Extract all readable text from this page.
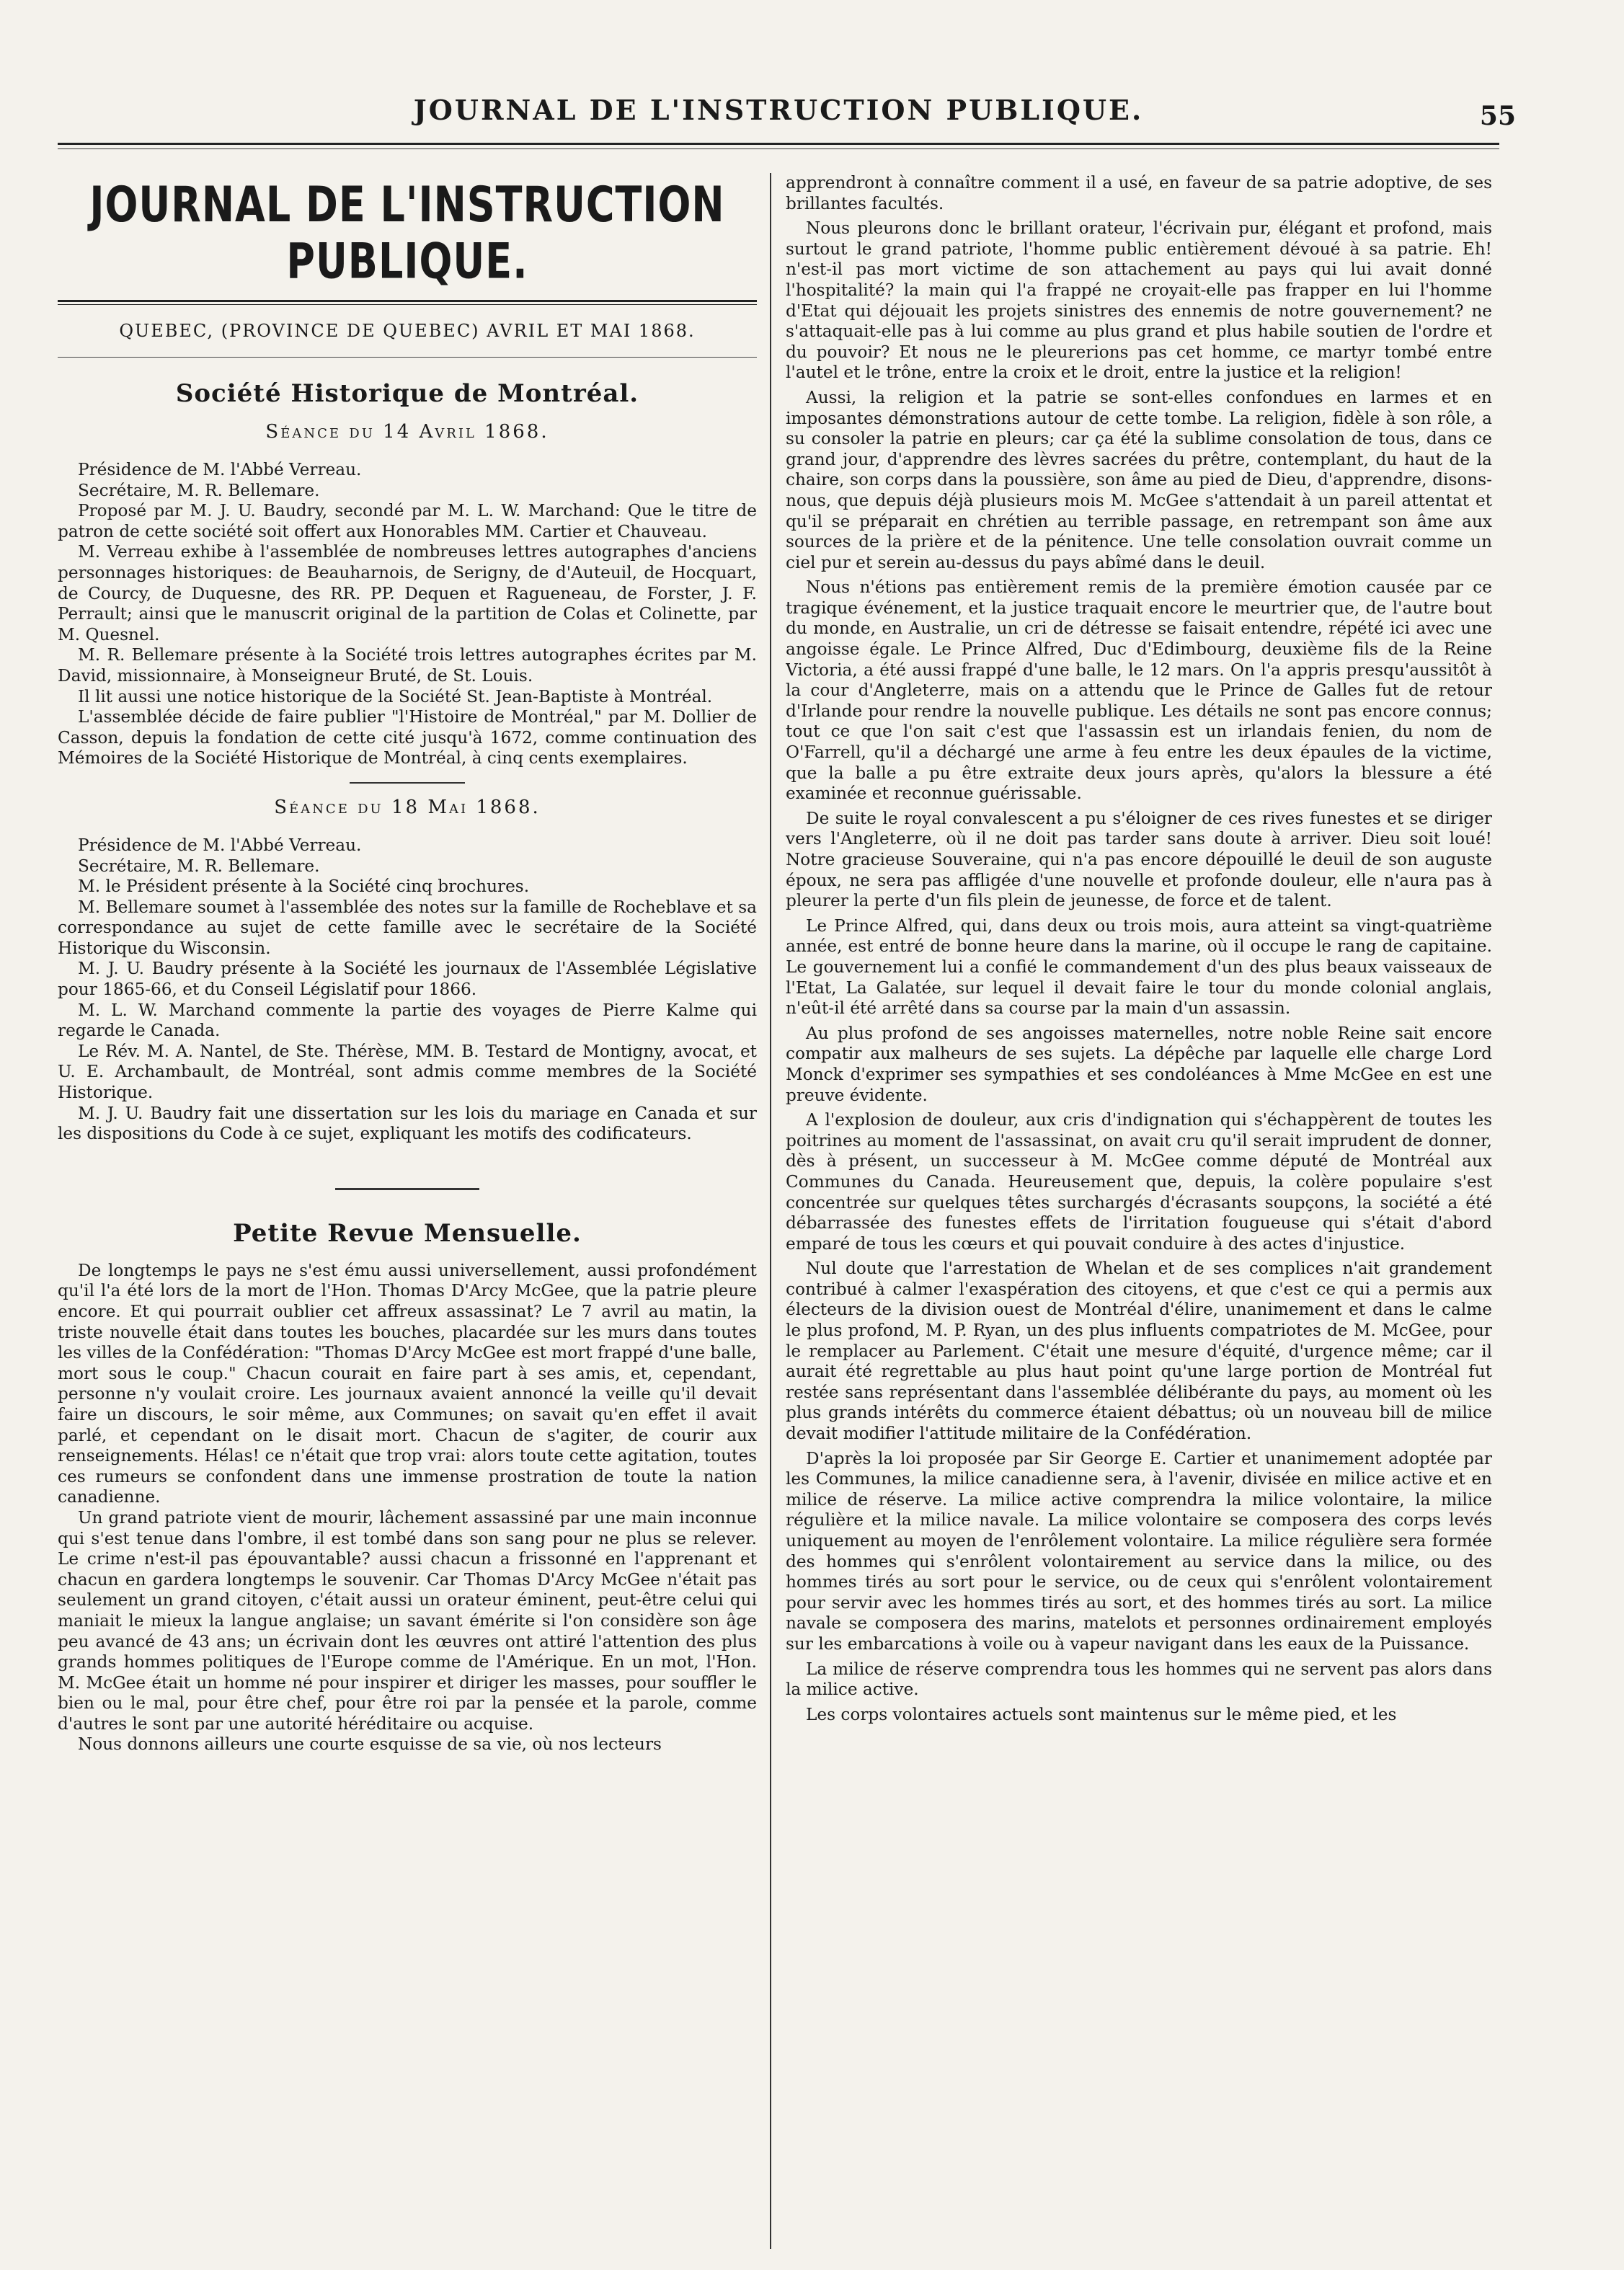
JOURNAL DE L'INSTRUCTION PUBLIQUE.	55
JOURNAL DE L'INSTRUCTION PUBLIQUE.
QUEBEC, (PROVINCE DE QUEBEC) AVRIL ET MAI 1868.
Société Historique de Montréal.
Séance du 14 Avril 1868.

Présidence de M. l'Abbé Verreau.

Secrétaire, M. R. Bellemare.

Proposé par M. J. U. Baudry, secondé par M. L. W. Marchand: Que le titre de patron de cette société soit offert aux Honorables MM. Cartier et Chauveau.

M. Verreau exhibe à l'assemblée de nombreuses lettres autographes d'anciens personnages historiques: de Beauharnois, de Serigny, de d'Auteuil, de Hocquart, de Courcy, de Duquesne, des RR. PP. Dequen et Ragueneau, de Forster, J. F. Perrault; ainsi que le manuscrit original de la partition de Colas et Colinette, par M. Quesnel.

M. R. Bellemare présente à la Société trois lettres autographes écrites par M. David, missionnaire, à Monseigneur Bruté, de St. Louis.

Il lit aussi une notice historique de la Société St. Jean-Baptiste à Montréal.

L'assemblée décide de faire publier "l'Histoire de Montréal," par M. Dollier de Casson, depuis la fondation de cette cité jusqu'à 1672, comme continuation des Mémoires de la Société Historique de Montréal, à cinq cents exemplaires.

Séance du 18 Mai 1868.

Présidence de M. l'Abbé Verreau.

Secrétaire, M. R. Bellemare.

M. le Président présente à la Société cinq brochures.

M. Bellemare soumet à l'assemblée des notes sur la famille de Rocheblave et sa correspondance au sujet de cette famille avec le secrétaire de la Société Historique du Wisconsin.

M. J. U. Baudry présente à la Société les journaux de l'Assemblée Législative pour 1865-66, et du Conseil Législatif pour 1866.

M. L. W. Marchand commente la partie des voyages de Pierre Kalme qui regarde le Canada.

Le Rév. M. A. Nantel, de Ste. Thérèse, MM. B. Testard de Montigny, avocat, et U. E. Archambault, de Montréal, sont admis comme membres de la Société Historique.

M. J. U. Baudry fait une dissertation sur les lois du mariage en Canada et sur les dispositions du Code à ce sujet, expliquant les motifs des codificateurs.

Petite Revue Mensuelle.

De longtemps le pays ne s'est ému aussi universellement, aussi profondément qu'il l'a été lors de la mort de l'Hon. Thomas D'Arcy McGee, que la patrie pleure encore. Et qui pourrait oublier cet affreux assassinat? Le 7 avril au matin, la triste nouvelle était dans toutes les bouches, placardée sur les murs dans toutes les villes de la Confédération: "Thomas D'Arcy McGee est mort frappé d'une balle, mort sous le coup." Chacun courait en faire part à ses amis, et, cependant, personne n'y voulait croire. Les journaux avaient annoncé la veille qu'il devait faire un discours, le soir même, aux Communes; on savait qu'en effet il avait parlé, et cependant on le disait mort. Chacun de s'agiter, de courir aux renseignements. Hélas! ce n'était que trop vrai: alors toute cette agitation, toutes ces rumeurs se confondent dans une immense prostration de toute la nation canadienne.

Un grand patriote vient de mourir, lâchement assassiné par une main inconnue qui s'est tenue dans l'ombre, il est tombé dans son sang pour ne plus se relever. Le crime n'est-il pas épouvantable? aussi chacun a frissonné en l'apprenant et chacun en gardera longtemps le souvenir. Car Thomas D'Arcy McGee n'était pas seulement un grand citoyen, c'était aussi un orateur éminent, peut-être celui qui maniait le mieux la langue anglaise; un savant émérite si l'on considère son âge peu avancé de 43 ans; un écrivain dont les œuvres ont attiré l'attention des plus grands hommes politiques de l'Europe comme de l'Amérique. En un mot, l'Hon. M. McGee était un homme né pour inspirer et diriger les masses, pour souffler le bien ou le mal, pour être chef, pour être roi par la pensée et la parole, comme d'autres le sont par une autorité héréditaire ou acquise.

Nous donnons ailleurs une courte esquisse de sa vie, où nos lecteurs

apprendront à connaître comment il a usé, en faveur de sa patrie adoptive, de ses brillantes facultés.

Nous pleurons donc le brillant orateur, l'écrivain pur, élégant et profond, mais surtout le grand patriote, l'homme public entièrement dévoué à sa patrie. Eh! n'est-il pas mort victime de son attachement au pays qui lui avait donné l'hospitalité? la main qui l'a frappé ne croyait-elle pas frapper en lui l'homme d'Etat qui déjouait les projets sinistres des ennemis de notre gouvernement? ne s'attaquait-elle pas à lui comme au plus grand et plus habile soutien de l'ordre et du pouvoir? Et nous ne le pleurerions pas cet homme, ce martyr tombé entre l'autel et le trône, entre la croix et le droit, entre la justice et la religion!

Aussi, la religion et la patrie se sont-elles confondues en larmes et en imposantes démonstrations autour de cette tombe. La religion, fidèle à son rôle, a su consoler la patrie en pleurs; car ça été la sublime consolation de tous, dans ce grand jour, d'apprendre des lèvres sacrées du prêtre, contemplant, du haut de la chaire, son corps dans la poussière, son âme au pied de Dieu, d'apprendre, disons-nous, que depuis déjà plusieurs mois M. McGee s'attendait à un pareil attentat et qu'il se préparait en chrétien au terrible passage, en retrempant son âme aux sources de la prière et de la pénitence. Une telle consolation ouvrait comme un ciel pur et serein au-dessus du pays abîmé dans le deuil.

Nous n'étions pas entièrement remis de la première émotion causée par ce tragique événement, et la justice traquait encore le meurtrier que, de l'autre bout du monde, en Australie, un cri de détresse se faisait entendre, répété ici avec une angoisse égale. Le Prince Alfred, Duc d'Edimbourg, deuxième fils de la Reine Victoria, a été aussi frappé d'une balle, le 12 mars. On l'a appris presqu'aussitôt à la cour d'Angleterre, mais on a attendu que le Prince de Galles fut de retour d'Irlande pour rendre la nouvelle publique. Les détails ne sont pas encore connus; tout ce que l'on sait c'est que l'assassin est un irlandais fenien, du nom de O'Farrell, qu'il a déchargé une arme à feu entre les deux épaules de la victime, que la balle a pu être extraite deux jours après, qu'alors la blessure a été examinée et reconnue guérissable.

De suite le royal convalescent a pu s'éloigner de ces rives funestes et se diriger vers l'Angleterre, où il ne doit pas tarder sans doute à arriver. Dieu soit loué! Notre gracieuse Souveraine, qui n'a pas encore dépouillé le deuil de son auguste époux, ne sera pas affligée d'une nouvelle et profonde douleur, elle n'aura pas à pleurer la perte d'un fils plein de jeunesse, de force et de talent.

Le Prince Alfred, qui, dans deux ou trois mois, aura atteint sa vingt-quatrième année, est entré de bonne heure dans la marine, où il occupe le rang de capitaine. Le gouvernement lui a confié le commandement d'un des plus beaux vaisseaux de l'Etat, La Galatée, sur lequel il devait faire le tour du monde colonial anglais, n'eût-il été arrêté dans sa course par la main d'un assassin.

Au plus profond de ses angoisses maternelles, notre noble Reine sait encore compatir aux malheurs de ses sujets. La dépêche par laquelle elle charge Lord Monck d'exprimer ses sympathies et ses condoléances à Mme McGee en est une preuve évidente.

A l'explosion de douleur, aux cris d'indignation qui s'échappèrent de toutes les poitrines au moment de l'assassinat, on avait cru qu'il serait imprudent de donner, dès à présent, un successeur à M. McGee comme député de Montréal aux Communes du Canada. Heureusement que, depuis, la colère populaire s'est concentrée sur quelques têtes surchargés d'écrasants soupçons, la société a été débarrassée des funestes effets de l'irritation fougueuse qui s'était d'abord emparé de tous les cœurs et qui pouvait conduire à des actes d'injustice.

Nul doute que l'arrestation de Whelan et de ses complices n'ait grandement contribué à calmer l'exaspération des citoyens, et que c'est ce qui a permis aux électeurs de la division ouest de Montréal d'élire, unanimement et dans le calme le plus profond, M. P. Ryan, un des plus influents compatriotes de M. McGee, pour le remplacer au Parlement. C'était une mesure d'équité, d'urgence même; car il aurait été regrettable au plus haut point qu'une large portion de Montréal fut restée sans représentant dans l'assemblée délibérante du pays, au moment où les plus grands intérêts du commerce étaient débattus; où un nouveau bill de milice devait modifier l'attitude militaire de la Confédération.

D'après la loi proposée par Sir George E. Cartier et unanimement adoptée par les Communes, la milice canadienne sera, à l'avenir, divisée en milice active et en milice de réserve. La milice active comprendra la milice volontaire, la milice régulière et la milice navale. La milice volontaire se composera des corps levés uniquement au moyen de l'enrôlement volontaire. La milice régulière sera formée des hommes qui s'enrôlent volontairement au service dans la milice, ou des hommes tirés au sort pour le service, ou de ceux qui s'enrôlent volontairement pour servir avec les hommes tirés au sort, et des hommes tirés au sort. La milice navale se composera des marins, matelots et personnes ordinairement employés sur les embarcations à voile ou à vapeur navigant dans les eaux de la Puissance.

La milice de réserve comprendra tous les hommes qui ne servent pas alors dans la milice active.

Les corps volontaires actuels sont maintenus sur le même pied, et les
